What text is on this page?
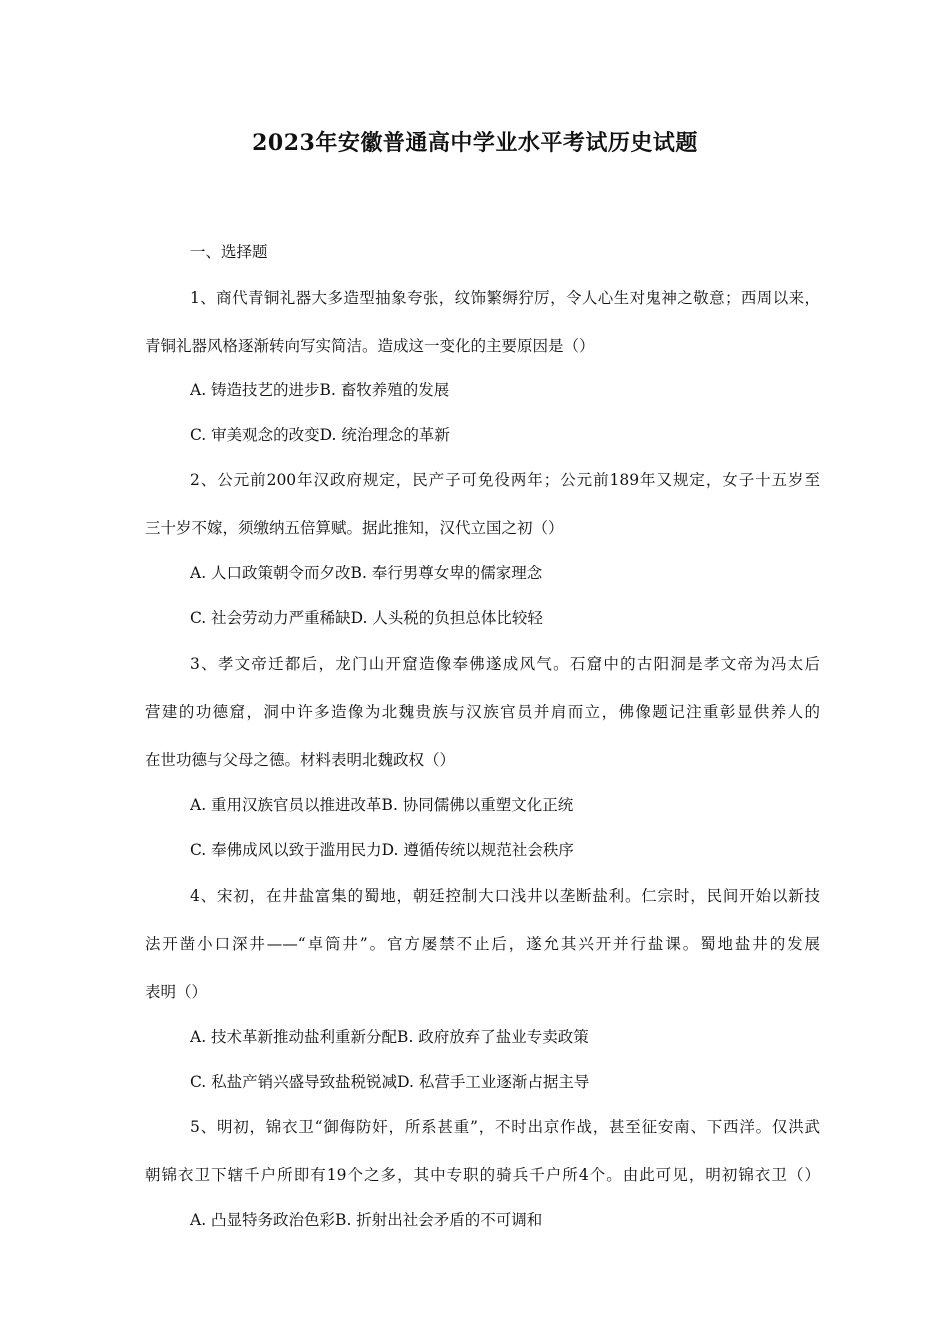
2023年安徽普通高中学业水平考试历史试题
一、选择题
1、商代青铜礼器大多造型抽象夸张，纹饰繁缛狞厉，令人心生对鬼神之敬意；西周以来，
青铜礼器风格逐渐转向写实简洁。造成这一变化的主要原因是（）
A. 铸造技艺的进步B. 畜牧养殖的发展
C. 审美观念的改变D. 统治理念的革新
2、公元前200年汉政府规定，民产子可免役两年；公元前189年又规定，女子十五岁至
三十岁不嫁，须缴纳五倍算赋。据此推知，汉代立国之初（）
A. 人口政策朝令而夕改B. 奉行男尊女卑的儒家理念
C. 社会劳动力严重稀缺D. 人头税的负担总体比较轻
3、孝文帝迁都后，龙门山开窟造像奉佛遂成风气。石窟中的古阳洞是孝文帝为冯太后
营建的功德窟，洞中许多造像为北魏贵族与汉族官员并肩而立，佛像题记注重彰显供养人的
在世功德与父母之德。材料表明北魏政权（）
A. 重用汉族官员以推进改革B. 协同儒佛以重塑文化正统
C. 奉佛成风以致于滥用民力D. 遵循传统以规范社会秩序
4、宋初，在井盐富集的蜀地，朝廷控制大口浅井以垄断盐利。仁宗时，民间开始以新技
法开凿小口深井——“卓筒井”。官方屡禁不止后，遂允其兴开并行盐课。蜀地盐井的发展
表明（）
A. 技术革新推动盐利重新分配B. 政府放弃了盐业专卖政策
C. 私盐产销兴盛导致盐税锐减D. 私营手工业逐渐占据主导
5、明初，锦衣卫“御侮防奸，所系甚重”，不时出京作战，甚至征安南、下西洋。仅洪武
朝锦衣卫下辖千户所即有19个之多，其中专职的骑兵千户所4个。由此可见，明初锦衣卫（）
A. 凸显特务政治色彩B. 折射出社会矛盾的不可调和
